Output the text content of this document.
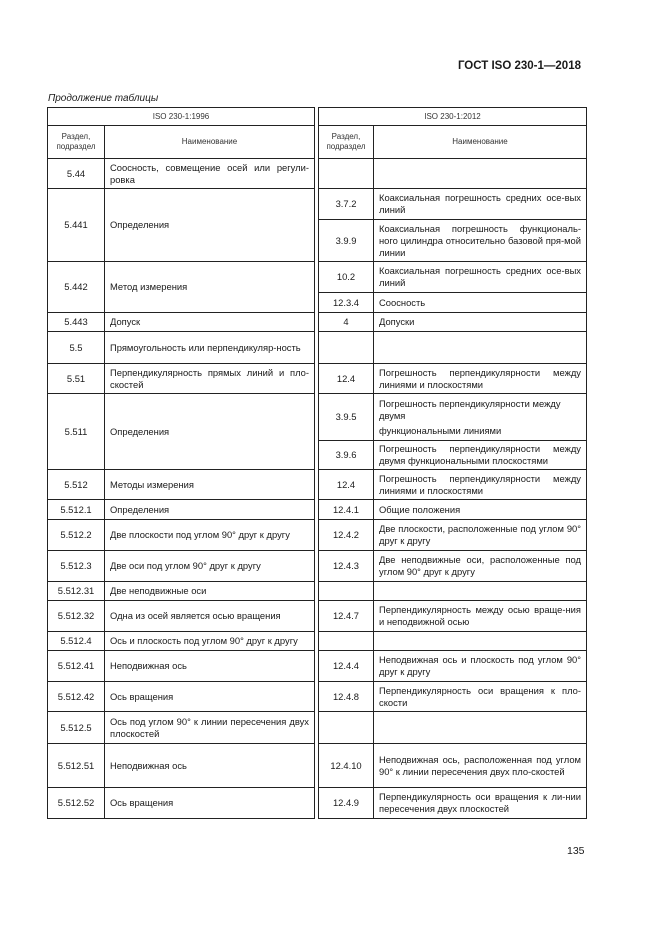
ГОСТ ISO 230-1—2018
Продолжение таблицы
ISO 230-1:1996			ISO 230-1:2012	
Раздел, подраздел	Наименование		Раздел, подраздел	Наименование
5.44	Соосность, совмещение осей или регули-ровка			
5.441	Определения		3.7.2	Коаксиальная погрешность средних осе-вых линий
			3.9.9	Коаксиальная погрешность функциональ-ного цилиндра относительно базовой пря-мой линии
5.442	Метод измерения		10.2	Коаксиальная погрешность средних осе-вых линий
			12.3.4	Соосность
5.443	Допуск		4	Допуски
5.5	Прямоугольность или перпендикуляр-ность			
5.51	Перпендикулярность прямых линий и пло-скостей		12.4	Погрешность перпендикулярности между линиями и плоскостями
5.511	Определения		3.9.5	Погрешность перпендикулярности между двумя
функциональными линиями

			3.9.6	Погрешность перпендикулярности между двумя функциональными плоскостями
5.512	Методы измерения		12.4	Погрешность перпендикулярности между линиями и плоскостями
5.512.1	Определения		12.4.1	Общие положения
5.512.2	Две плоскости под углом 90° друг к другу		12.4.2	Две плоскости, расположенные под углом 90° друг к другу
5.512.3	Две оси под углом 90° друг к другу		12.4.3	Две неподвижные оси, расположенные под углом 90° друг к другу
5.512.31	Две неподвижные оси			
5.512.32	Одна из осей является осью вращения		12.4.7	Перпендикулярность между осью враще-ния и неподвижной осью
5.512.4	Ось и плоскость под углом 90° друг к другу			
5.512.41	Неподвижная ось		12.4.4	Неподвижная ось и плоскость под углом 90° друг к другу
5.512.42	Ось вращения		12.4.8	Перпендикулярность оси вращения к пло-скости
5.512.5	Ось под углом 90° к линии пересечения двух плоскостей			
5.512.51	Неподвижная ось		12.4.10	Неподвижная ось, расположенная под углом 90° к линии пересечения двух пло-скостей
5.512.52	Ось вращения		12.4.9	Перпендикулярность оси вращения к ли-нии пересечения двух плоскостей
135
